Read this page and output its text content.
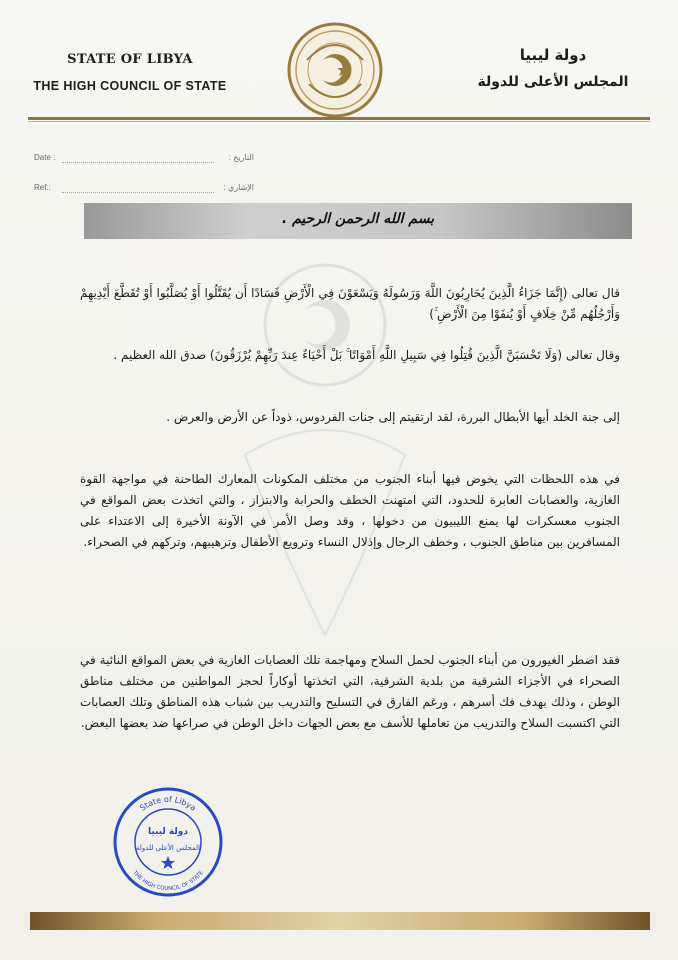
STATE OF LIBYA
THE HIGH COUNCIL OF STATE
دولة ليبيا
المجلس الأعلى للدولة
Date :	التاريخ :
Ref.:	الإشاري :
بسم الله الرحمن الرحيم .

قال تعالى (إِنَّمَا جَزَاءُ الَّذِينَ يُحَارِبُونَ اللَّهَ وَرَسُولَهُ وَيَسْعَوْنَ فِي الْأَرْضِ فَسَادًا أَن يُقَتَّلُوا أَوْ يُصَلَّبُوا أَوْ تُقَطَّعَ أَيْدِيهِمْ وَأَرْجُلُهُم مِّنْ خِلَافٍ أَوْ يُنفَوْا مِنَ الْأَرْضِ ۚ)

وقال تعالى (وَلَا تَحْسَبَنَّ الَّذِينَ قُتِلُوا فِي سَبِيلِ اللَّهِ أَمْوَاتًا ۚ بَلْ أَحْيَاءٌ عِندَ رَبِّهِمْ يُرْزَقُونَ) صدق الله العظيم .

إلى جنة الخلد أيها الأبطال البررة، لقد ارتقيتم إلى جنات الفردوس، ذوداً عن الأرض والعرض .

في هذه اللحظات التي يخوض فيها أبناء الجنوب من مختلف المكونات المعارك الطاحنة في مواجهة القوة الغازية، والعصابات العابرة للحدود، التي امتهنت الخطف والحرابة والابتزاز ، والتي اتخذت بعض المواقع في الجنوب معسكرات لها يمنع الليبيون من دخولها ، وقد وصل الأمر في الآونة الأخيرة إلى الاعتداء على المسافرين بين مناطق الجنوب ، وخطف الرجال وإذلال النساء وترويع الأطفال وترهيبهم، وتركهم في الصحراء.

فقد اضطر الغيورون من أبناء الجنوب لحمل السلاح ومهاجمة تلك العصابات الغازية في بعض المواقع النائية في الصحراء في الأجزاء الشرقية من بلدية الشرقية، التي اتخذتها أوكاراً لحجز المواطنين من مختلف مناطق الوطن ، وذلك بهدف فك أسرهم ، ورغم الفارق في التسليح والتدريب بين شباب هذه المناطق وتلك العصابات التي اكتسبت السلاح والتدريب من تعاملها للأسف مع بعض الجهات داخل الوطن في صراعها ضد بعضها البعض.

State of Libya
THE HIGH COUNCIL OF STATE
دولة ليبيا
المجلس الأعلى للدولة
